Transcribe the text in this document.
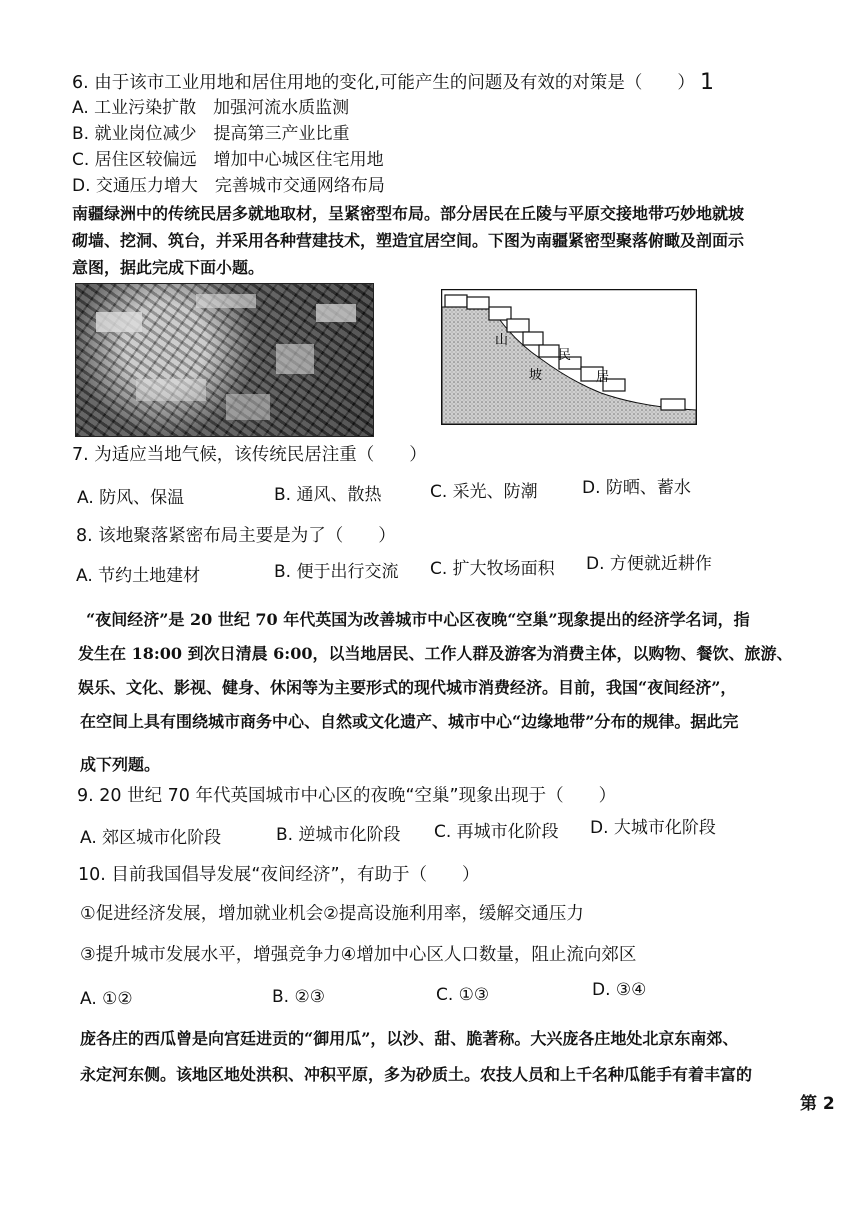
6. 由于该市工业用地和居住用地的变化,可能产生的问题及有效的对策是（　　） 1
A. 工业污染扩散　加强河流水质监测
B. 就业岗位减少　提高第三产业比重
C. 居住区较偏远　增加中心城区住宅用地
D. 交通压力增大　完善城市交通网络布局
南疆绿洲中的传统民居多就地取材，呈紧密型布局。部分居民在丘陵与平原交接地带巧妙地就坡
砌墙、挖洞、筑台，并采用各种营建技术，塑造宜居空间。下图为南疆紧密型聚落俯瞰及剖面示
意图，据此完成下面小题。
山
坡
民
居
7. 为适应当地气候，该传统民居注重（　　）
A. 防风、保温	B. 通风、散热	C. 采光、防潮	D. 防晒、蓄水
8. 该地聚落紧密布局主要是为了（　　）
A. 节约土地建材	B. 便于出行交流 C. 扩大牧场面积 D. 方便就近耕作
“夜间经济”是 20 世纪 70 年代英国为改善城市中心区夜晚“空巢”现象提出的经济学名词，指
发生在 18:00 到次日清晨 6:00，以当地居民、工作人群及游客为消费主体，以购物、餐饮、旅游、
娱乐、文化、影视、健身、休闲等为主要形式的现代城市消费经济。目前，我国“夜间经济”，
在空间上具有围绕城市商务中心、自然或文化遗产、城市中心“边缘地带”分布的规律。据此完
成下列题。
9. 20 世纪 70 年代英国城市中心区的夜晚“空巢”现象出现于（　　）
A. 郊区城市化阶段	B. 逆城市化阶段 C. 再城市化阶段 D. 大城市化阶段
10. 目前我国倡导发展“夜间经济”，有助于（　　）
①促进经济发展，增加就业机会②提高设施利用率，缓解交通压力
③提升城市发展水平，增强竞争力④增加中心区人口数量，阻止流向郊区
A. ①②	B. ②③	C. ①③	D. ③④
庞各庄的西瓜曾是向宫廷进贡的“御用瓜”，以沙、甜、脆著称。大兴庞各庄地处北京东南郊、
永定河东侧。该地区地处洪积、冲积平原，多为砂质土。农技人员和上千名种瓜能手有着丰富的
第 2
